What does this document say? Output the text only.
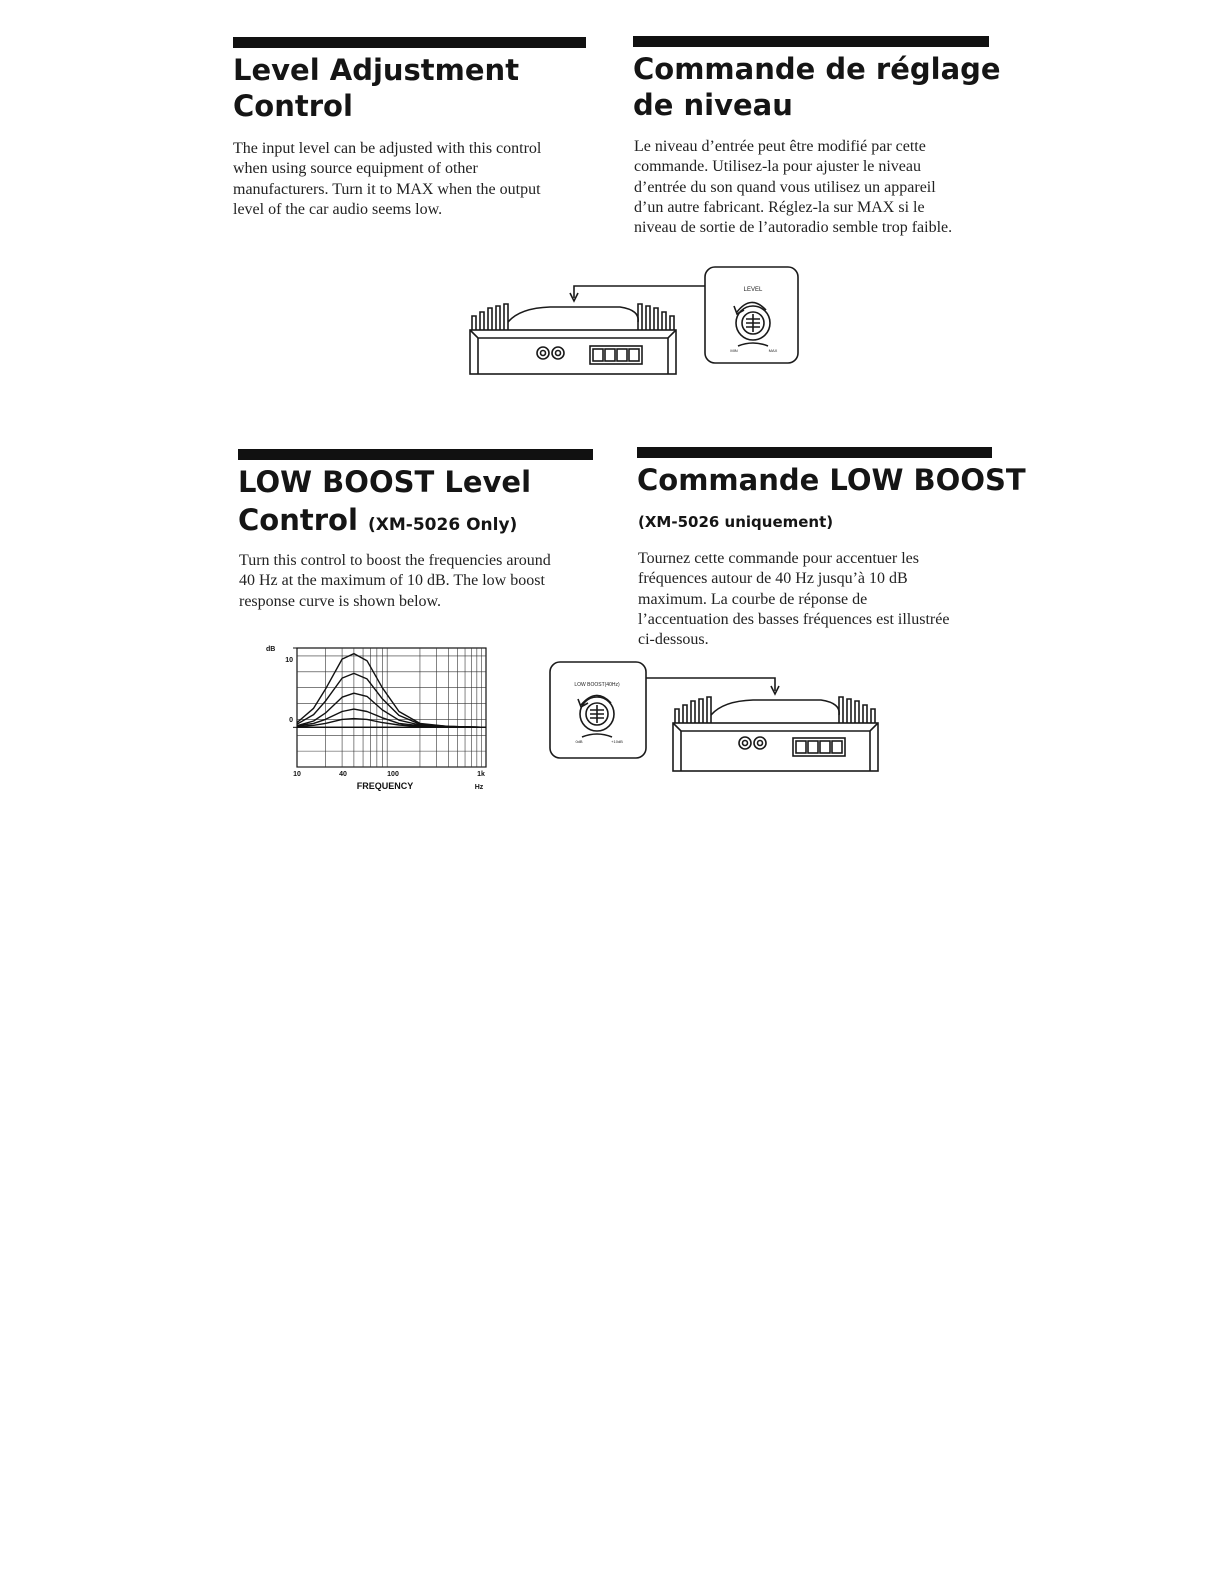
Level Adjustment
Control

The input level can be adjusted with this control
when using source equipment of other
manufacturers. Turn it to MAX when the output
level of the car audio seems low.

Commande de réglage
de niveau

Le niveau d’entrée peut être modifié par cette
commande. Utilisez-la pour ajuster le niveau
d’entrée du son quand vous utilisez un appareil
d’un autre fabricant. Réglez-la sur MAX si le
niveau de sortie de l’autoradio semble trop faible.

LEVEL
MIN	MAX
LOW BOOST Level
Control (XM-5026 Only)

Turn this control to boost the frequencies around
40 Hz at the maximum of 10 dB. The low boost
response curve is shown below.

Commande LOW BOOST
(XM-5026 uniquement)

Tournez cette commande pour accentuer les
fréquences autour de 40 Hz jusqu’à 10 dB
maximum. La courbe de réponse de
l’accentuation des basses fréquences est illustrée
ci-dessous.

dB
10
0
10	40	100	1k
FREQUENCY	Hz
LOW BOOST(40Hz)
0dB	+10dB
